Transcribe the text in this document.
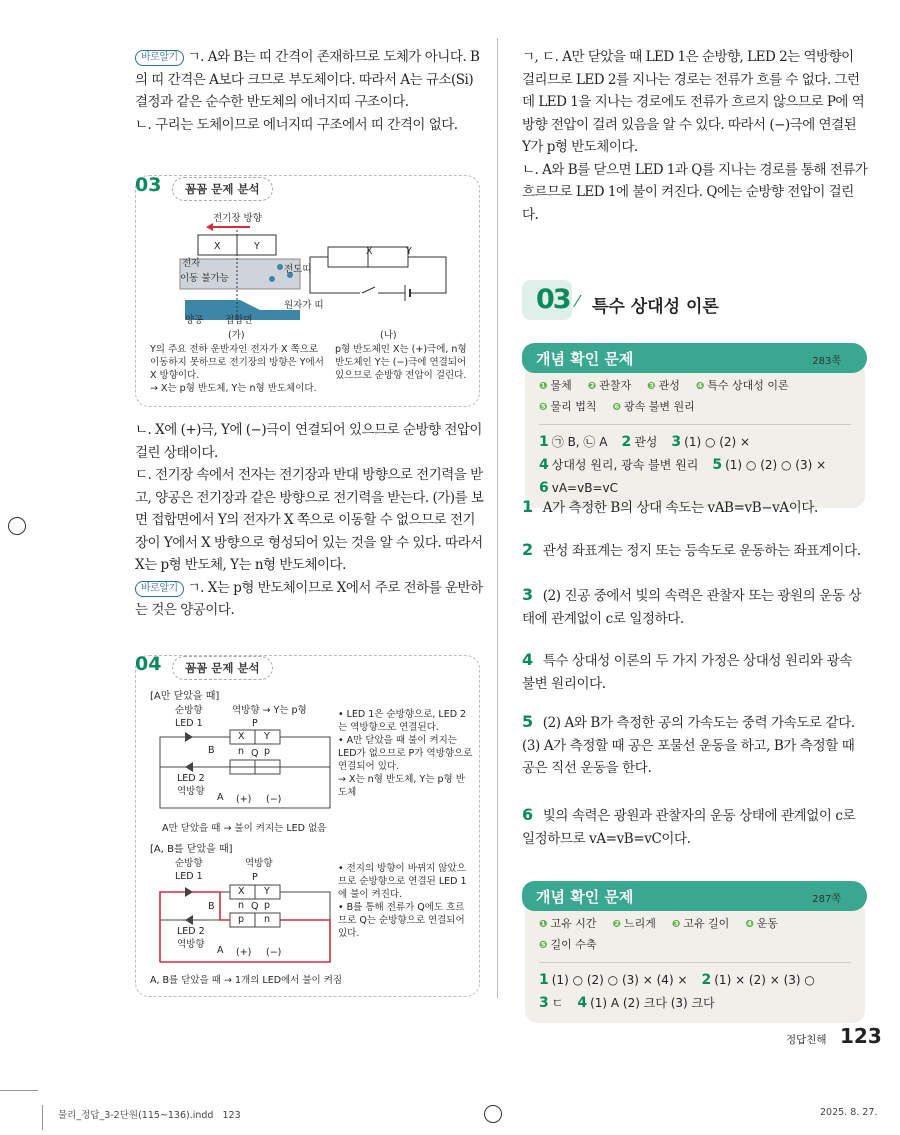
바로알기 ㄱ. A와 B는 띠 간격이 존재하므로 도체가 아니다. B의 띠 간격은 A보다 크므로 부도체이다. 따라서 A는 규소(Si) 결정과 같은 순수한 반도체의 에너지띠 구조이다.
ㄴ. 구리는 도체이므로 에너지띠 구조에서 띠 간격이 없다.
03	꼼꼼 문제 분석
전기장 방향
X	Y
전자
이동 불가능
전도띠
원자가 띠
양공 접합면
X	Y
(가)	(나)
Y의 주요 전하 운반자인 전자가 X 쪽으로 이동하지 못하므로 전기장의 방향은 Y에서 X 방향이다.
→ X는 p형 반도체, Y는 n형 반도체이다.
p형 반도체인 X는 (+)극에, n형 반도체인 Y는 (−)극에 연결되어 있으므로 순방향 전압이 걸린다.
ㄴ. X에 (+)극, Y에 (−)극이 연결되어 있으므로 순방향 전압이 걸린 상태이다.
ㄷ. 전기장 속에서 전자는 전기장과 반대 방향으로 전기력을 받고, 양공은 전기장과 같은 방향으로 전기력을 받는다. (가)를 보면 접합면에서 Y의 전자가 X 쪽으로 이동할 수 없으므로 전기장이 Y에서 X 방향으로 형성되어 있는 것을 알 수 있다. 따라서 X는 p형 반도체, Y는 n형 반도체이다.
바로알기 ㄱ. X는 p형 반도체이므로 X에서 주로 전하를 운반하는 것은 양공이다.
04	꼼꼼 문제 분석
[A만 닫았을 때]
순방향
LED 1
역방향 → Y는 p형
P
X Y
n p
Q
B
LED 2
역방향
A (+) (−)
A만 닫았을 때 → 불이 켜지는 LED 없음
• LED 1은 순방향으로, LED 2는 역방향으로 연결된다.
• A만 닫았을 때 불이 켜지는 LED가 없으므로 P가 역방향으로 연결되어 있다.
→ X는 n형 반도체, Y는 p형 반도체
[A, B를 닫았을 때]
순방향
LED 1
역방향
P
X Y
n p
Q
p n
B
LED 2
역방향
A (+) (−)
A, B를 닫았을 때 → 1개의 LED에서 불이 켜짐
• 전지의 방향이 바뀌지 않았으므로 순방향으로 연결된 LED 1에 불이 켜진다.
• B를 통해 전류가 Q에도 흐르므로 Q는 순방향으로 연결되어 있다.
ㄱ, ㄷ. A만 닫았을 때 LED 1은 순방향, LED 2는 역방향이 걸리므로 LED 2를 지나는 경로는 전류가 흐를 수 없다. 그런데 LED 1을 지나는 경로에도 전류가 흐르지 않으므로 P에 역방향 전압이 걸려 있음을 알 수 있다. 따라서 (−)극에 연결된 Y가 p형 반도체이다.
ㄴ. A와 B를 닫으면 LED 1과 Q를 지나는 경로를 통해 전류가 흐르므로 LED 1에 불이 켜진다. Q에는 순방향 전압이 걸린다.
03 ⁄ 특수 상대성 이론
❶ 물체 ❷ 관찰자 ❸ 관성 ❹ 특수 상대성 이론❺ 물리 법칙 ❻ 광속 불변 원리
1 ㉠ B, ㉡ A 2 관성 3 (1) ○ (2) ×4 상대성 원리, 광속 불변 원리 5 (1) ○ (2) ○ (3) ×6 vA=vB=vC
개념 확인 문제	283쪽
1 A가 측정한 B의 상대 속도는 vAB=vB−vA이다.
2 관성 좌표계는 정지 또는 등속도로 운동하는 좌표계이다.
3 (2) 진공 중에서 빛의 속력은 관찰자 또는 광원의 운동 상태에 관계없이 c로 일정하다.
4 특수 상대성 이론의 두 가지 가정은 상대성 원리와 광속 불변 원리이다.
5 (2) A와 B가 측정한 공의 가속도는 중력 가속도로 같다. (3) A가 측정할 때 공은 포물선 운동을 하고, B가 측정할 때 공은 직선 운동을 한다.
6 빛의 속력은 광원과 관찰자의 운동 상태에 관계없이 c로 일정하므로 vA=vB=vC이다.
❶ 고유 시간 ❷ 느리게 ❸ 고유 길이 ❹ 운동❺ 길이 수축
1 (1) ○ (2) ○ (3) × (4) × 2 (1) × (2) × (3) ○3 ㄷ 4 (1) A (2) 크다 (3) 크다
개념 확인 문제	287쪽
정답친해 123
물리_정답_3-2단원(115~136).indd   123	2025. 8. 27.
